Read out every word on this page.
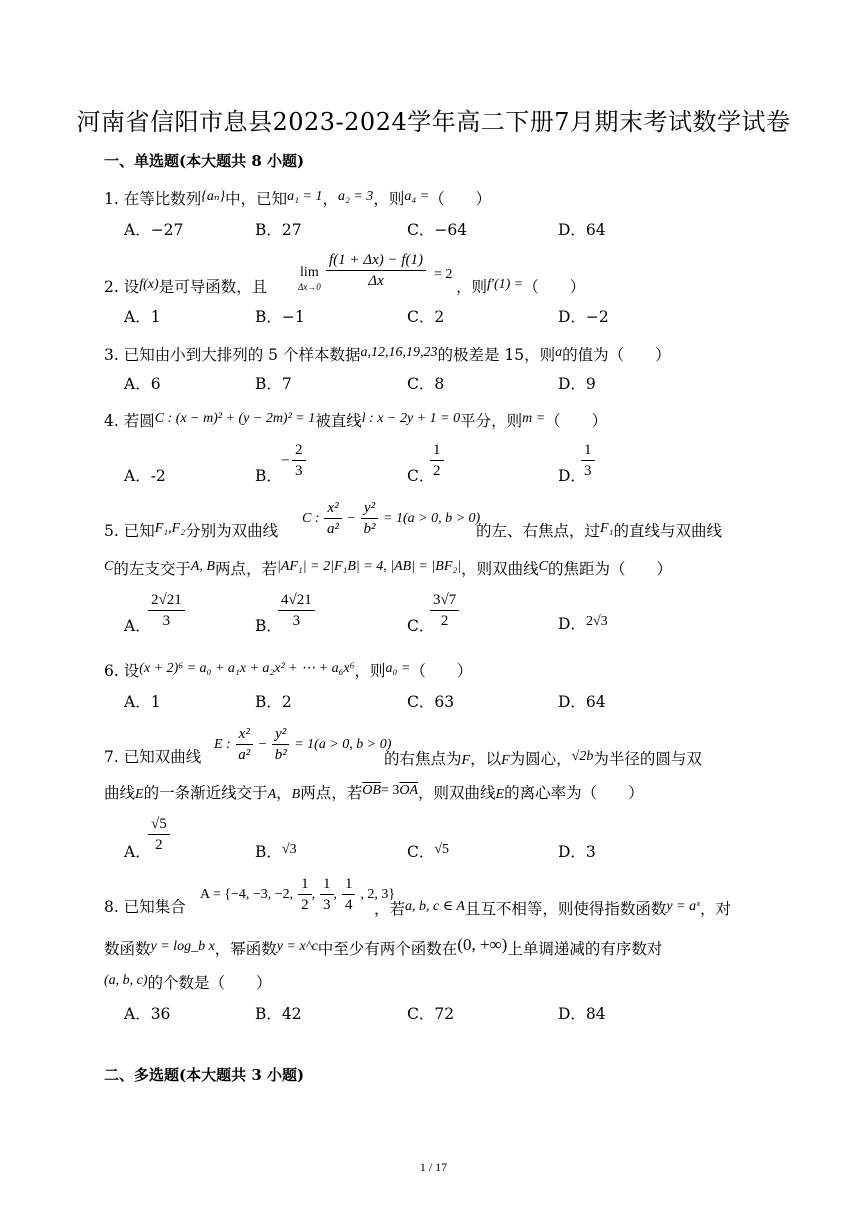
河南省信阳市息县2023-2024学年高二下册7月期末考试数学试卷
一、单选题(本大题共 8 小题)
1. 在等比数列{aₙ}中，已知a₁ = 1，a₂ = 3，则a₄ =（　　）
A．−27	B．27	C．−64	D．64
2. 设f(x)是可导函数，且
lim
$\Delta x\to 0 \frac{f(1 + \Delta x) - f(1)}{\Delta x} = 2$
，则f′(1) =（　　）
A．1	B．−1	C．2	D．−2
3. 已知由小到大排列的 5 个样本数据a,12,16,19,23的极差是 15，则a的值为（　　）
A．6	B．7	C．8	D．9
4. 若圆C : (x − m)² + (y − 2m)² = 1被直线l : x − 2y + 1 = 0平分，则m =（　　）
A．-2	B．
− $\frac{2}{3}$	C．
$\frac{1}{2}$	D．
$\frac{1}{3}$
5. 已知F₁,F₂分别为双曲线
C : $\frac{\text{x²}}{\text{a²}} - \frac{\text{y²}}{\text{b²}} = 1(a > 0$, b > 0)
的左、右焦点，过F₁的直线与双曲线
C的左支交于A, B两点，若|AF₁| = 2|F₁B| = 4, |AB| = |BF₂|，则双曲线C的焦距为（　　）
A．
$\frac{2√21}{3}$	B．
$\frac{4√21}{3}$	C．
$\frac{3√7}{2}$	D．2√3
6. 设(x + 2)⁶ = a₀ + a₁x + a₂x² + ⋯ + a₆x⁶，则a₀ =（　　）
A．1	B．2	C．63	D．64
7. 已知双曲线
E : $\frac{\text{x²}}{\text{a²}} - \frac{\text{y²}}{\text{b²}} = 1(a > 0$, b > 0)
的右焦点为F，以F为圆心，√2b为半径的圆与双
曲线E的一条渐近线交于A，B两点，若$\overline{OB}= 3\overline{OA}$，则双曲线E的离心率为（　　）
A．
$\frac{√5}{2}$	B．√3	C．√5	D．3
8. 已知集合
A = {−4, −3, −2, $\frac{1}{2}$ , $\frac{1}{3}$ , $\frac{1}{4}$ , 2, 3}
，若a, b, c ∈ A且互不相等，则使得指数函数y = aˣ，对
数函数y = log_b x，幂函数y = x^c中至少有两个函数在(0, +∞)上单调递减的有序数对
(a, b, c)的个数是（　　）
A．36	B．42	C．72	D．84
二、多选题(本大题共 3 小题)
1 / 17
